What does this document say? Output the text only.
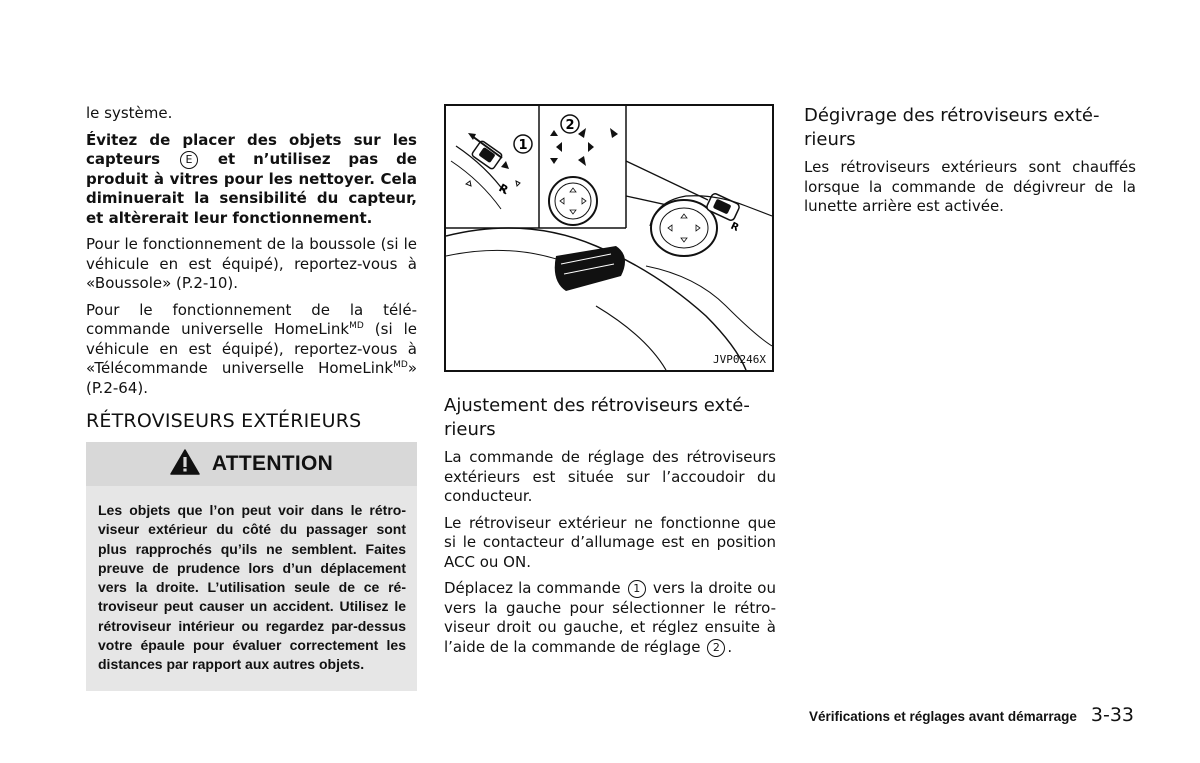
le système.

Évitez de placer des objets sur les capteurs E et n’utilisez pas de produit à vitres pour les nettoyer. Cela diminuerait la sensibilité du capteur, et altèrerait leur fonctionnement.

Pour le fonctionnement de la boussole (si le véhicule en est équipé), reportez-vous à «Boussole» (P.2-10).

Pour le fonctionnement de la télé-commande universelle HomeLink$^{MD}$ (si le véhicule en est équipé), reportez-vous à «Télécommande universelle HomeLink$^{MD}$» (P.2-64).

RÉTROVISEURS EXTÉRIEURS
ATTENTION

Les objets que l’on peut voir dans le rétro-viseur extérieur du côté du passager sont plus rapprochés qu’ils ne semblent. Faites preuve de prudence lors d’un déplacement vers la droite. L’utilisation seule de ce ré-troviseur peut causer un accident. Utilisez le rétroviseur intérieur ou regardez par-dessus votre épaule pour évaluer correctement les distances par rapport aux autres objets.

1
R
2
R
JVP0246X
Ajustement des rétroviseurs exté-rieurs

La commande de réglage des rétroviseurs extérieurs est située sur l’accoudoir du conducteur.

Le rétroviseur extérieur ne fonctionne que si le contacteur d’allumage est en position ACC ou ON.

Déplacez la commande 1 vers la droite ou vers la gauche pour sélectionner le rétro-viseur droit ou gauche, et réglez ensuite à l’aide de la commande de réglage 2 .

Dégivrage des rétroviseurs exté-rieurs

Les rétroviseurs extérieurs sont chauffés lorsque la commande de dégivreur de la lunette arrière est activée.

Vérifications et réglages avant démarrage 3-33
